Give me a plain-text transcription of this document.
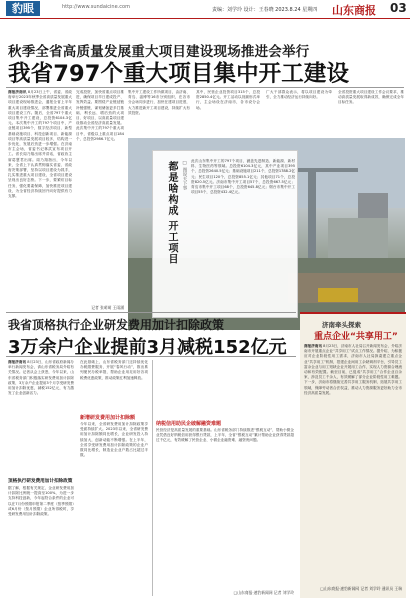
豹眼	http://www.sundaicine.com	责编：刘学玲 设计：王春晓 2023.8.24 星期四 山东商报 03
秋季全省高质量发展重大项目建设现场推进会举行
我省797个重大项目集中开工建设
商报济南讯 8月23日上午，省委、省政府举行2023年秋季全省高质量发展重大项目建设现场推进会，通报全省上半年重大项目建设情况，部署推进全省重大项目建设工作。随后，全省797个重大项目集中开工建设，总投资6104.3亿元。本次集中开工的797个项目中，产业链项目395个，数字经济项目、新型基础设施项目、科技创新项目、新能源项目等高质量发展项目较多，结构进一步优化，发展后劲进一步增强。在济南市主会场，省委书记林武宣布项目开工。省长周乃翔出席并讲话，省政协主席葛慧君出席。周乃翔指出，今年以来，全省上下认真贯彻落实省委、省政府决策部署，坚持以项目建设为抓手，扎实推进重大项目建设，全省项目建设呈现出良好态势。下一步，要紧盯目标任务，强化要素保障，加快推进项目建设，为全省经济持续回升向好提供有力支撑。
完成投资，加快省重点项目推进，确保项目早日建成投产、发挥效益。要围绕产业链延链补链强链，谋划储备更多打基础、利长远、增后劲的大项目、好项目，以高质量项目建设推动全省经济高质量发展。此次集中开工的797个重大项目中，省级以上重点项目184个，总投资2986.7亿元。
集中开工建设工作所做项目，由济南、青岛、淄博等16市分别组织，在各市分会场同步进行，加快在建项目进度，大力推进新开工项目建设，持续扩大有效投资。
其中，民营企业投资项目315个，总投资2850.4亿元。开工活动以视频形式举行，主会场设在济南市，各市设分会场。
广大干部群众表示，将以项目建设为牵引，全力推动经济运行持续向好。
全省投资重大项目建设工作会议要求，推动高质量发展取得新成效，确保完成全年目标任务。
都是啥构成 开工项目 □ 图说天下事 此次山东集中开工的797个项目，涵盖先进制造、新能源、新材料、生物医药等领域。总投资6104.3亿元，其中产业项目395个，总投资2640.5亿元；基础设施项目211个，总投资1788.2亿元；民生项目120个，总投资855.1亿元；其他项目71个，总投资820.5亿元。济南市集中开工项目57个，总投资667.5亿元；青岛市集中开工项目68个，总投资645.8亿元；烟台市集中开工项目55个，总投资432.4亿元。
我省顶格执行企业研发费用加计扣除政策
3万余户企业提前3月减税152亿元
商报济南讯 8月23日，山东省政府新闻办举行新闻发布会，请山东省税务局介绍有关情况。记者从会上获悉，今年以来，山东省税务部门积极落实研发费用加计扣除政策，3万余户企业提前3个月享受研发费用加计扣除优惠，减税152亿元，有力激发了企业创新活力。
顶格执行研发费用加计扣除政策
据了解，根据有关规定，企业研发费用加计扣除比例统一提高至100%，为进一步支持科技创新，今年起符合条件的企业可以在7月份预缴申报第二季度（按季预缴）或6月份（按月预缴）企业所得税时，享受研发费用加计扣除政策。
在此基础上，山东省税务部门还持续优化办税缴费服务，开展“春风行动”，推出系列便民办税举措，帮助企业用足用好各项税费优惠政策，推动政策红利加速释放。
新增研发费用加计扣除额
今年以来，全省研发费用加计扣除政策享受面持续扩大。2023年以来，全省研发费用加计扣除额同比增长，企业研发投入持续加大，创新动能不断增强。在上半年，全省享受研发费用加计扣除政策的企业户数同比增长，制造业企业户数占比超过半数。
纳税信用助民企破解融资难题
民营经济是高质量发展的重要基础。山东省税务部门持续推进“银税互动”，帮助小微企业凭借良好纳税信用获得银行贷款，上半年，全省“银税互动”累计帮助企业获得贷款超过千亿元，有效缓解了民营企业、小微企业融资难、融资贵问题。
□山东商报·速豹新闻网 记者 刘学玲
济南牵头探索
重点企业“共享用工”
商报济南讯 8月23日，济南市人社局召开新闻发布会，介绍济南市开展重点企业“共享用工”试点工作情况。据介绍，为积极应对企业阶段性用工需求，济南市人社局探索建立重点企业“共享用工”机制，搭建企业间用工余缺调剂平台，引导员工富余企业与用工短缺企业开展用工合作，实现人力资源合理流动和有效配置。截至目前，已促成“共享用工”合作企业百余家，涉及员工千余人，有效缓解了部分企业阶段性用工难题。下一步，济南市将继续完善共享用工服务机制，拓展共享用工领域，保障劳动者合法权益，推动人力资源服务更好助力全市经济高质量发展。
□山东商报·速豹新闻网 记者 刘学玲 通讯员 王瑞
记者 张萌萌 王雨涵
